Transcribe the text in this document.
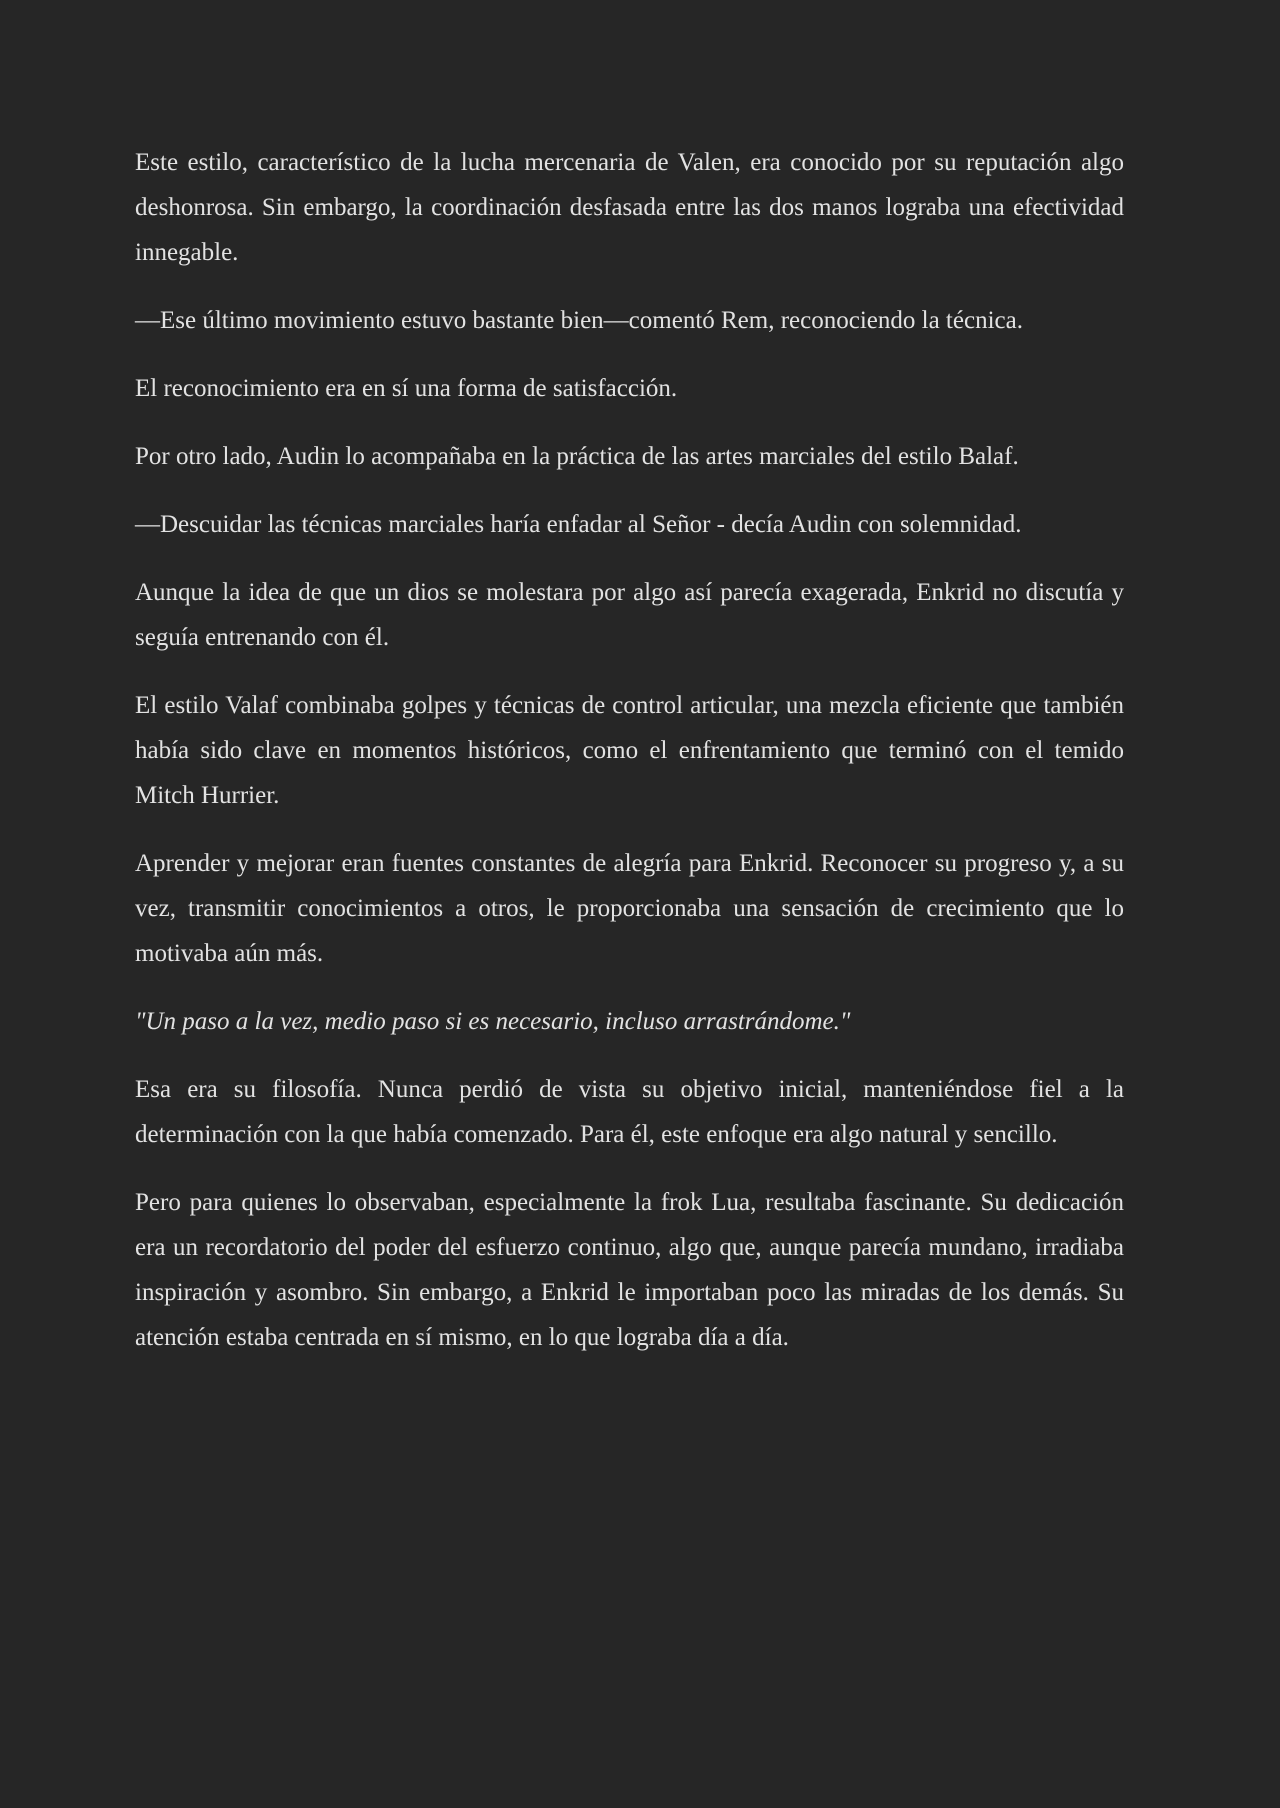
Este estilo, característico de la lucha mercenaria de Valen, era conocido por su reputación algo deshonrosa. Sin embargo, la coordinación desfasada entre las dos manos lograba una efectividad innegable.

—Ese último movimiento estuvo bastante bien—comentó Rem, reconociendo la técnica.

El reconocimiento era en sí una forma de satisfacción.

Por otro lado, Audin lo acompañaba en la práctica de las artes marciales del estilo Balaf.

—Descuidar las técnicas marciales haría enfadar al Señor - decía Audin con solemnidad.

Aunque la idea de que un dios se molestara por algo así parecía exagerada, Enkrid no discutía y seguía entrenando con él.

El estilo Valaf combinaba golpes y técnicas de control articular, una mezcla eficiente que también había sido clave en momentos históricos, como el enfrentamiento que terminó con el temido Mitch Hurrier.

Aprender y mejorar eran fuentes constantes de alegría para Enkrid. Reconocer su progreso y, a su vez, transmitir conocimientos a otros, le proporcionaba una sensación de crecimiento que lo motivaba aún más.

"Un paso a la vez, medio paso si es necesario, incluso arrastrándome."

Esa era su filosofía. Nunca perdió de vista su objetivo inicial, manteniéndose fiel a la determinación con la que había comenzado. Para él, este enfoque era algo natural y sencillo.

Pero para quienes lo observaban, especialmente la frok Lua, resultaba fascinante. Su dedicación era un recordatorio del poder del esfuerzo continuo, algo que, aunque parecía mundano, irradiaba inspiración y asombro. Sin embargo, a Enkrid le importaban poco las miradas de los demás. Su atención estaba centrada en sí mismo, en lo que lograba día a día.
